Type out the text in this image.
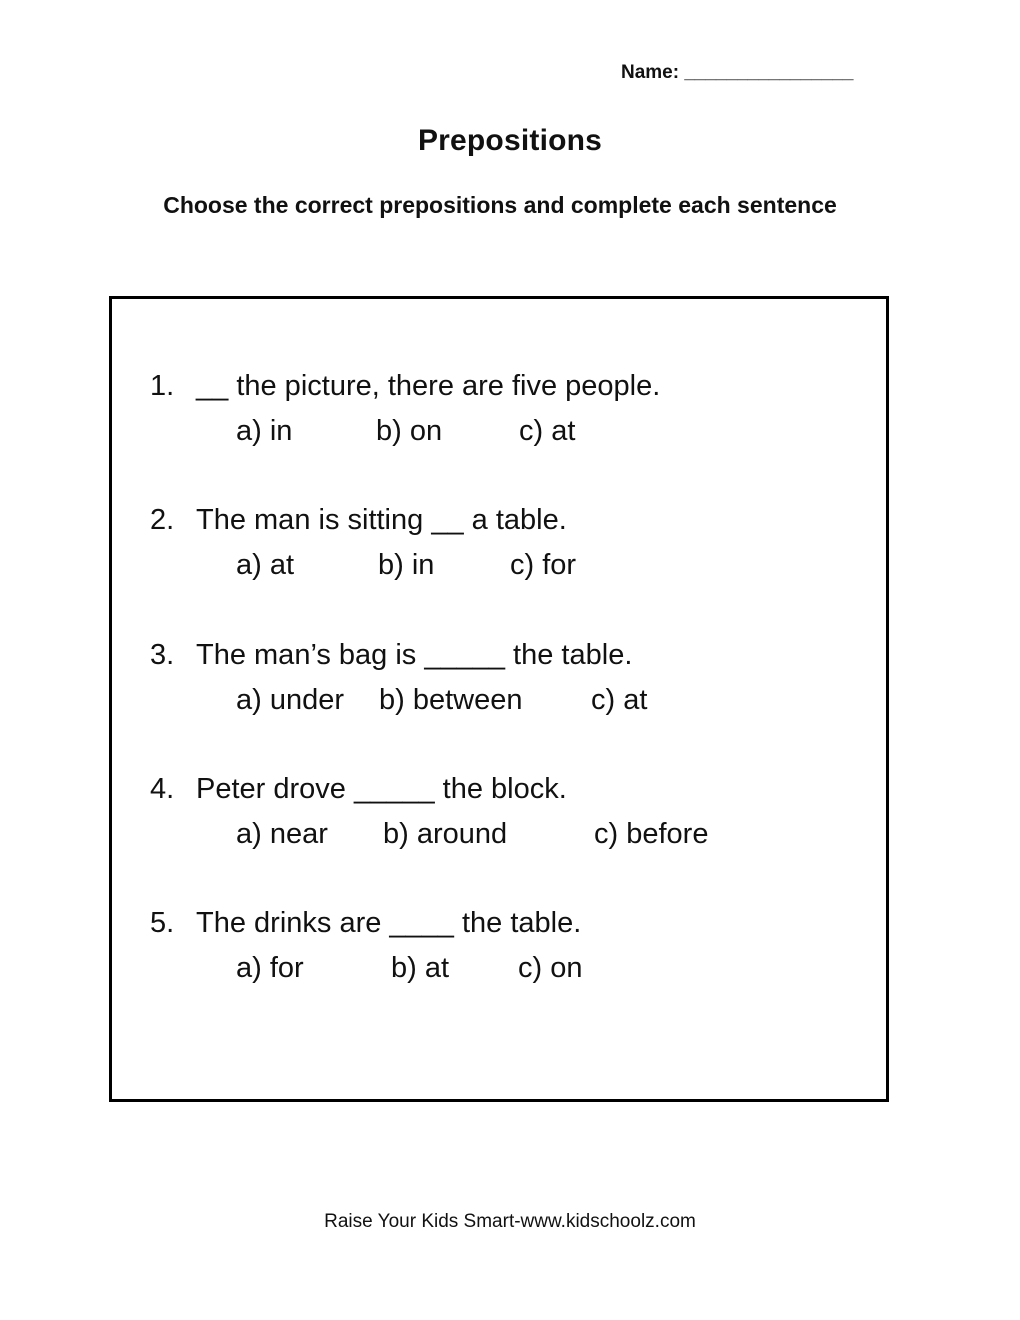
Name: ________________
Prepositions
Choose the correct prepositions and complete each sentence
1. __ the picture, there are five people.
a) in	b) on	c) at
2. The man is sitting __ a table.
a) at	b) in	c) for
3. The man’s bag is _____ the table.
a) under b) between c) at
4. Peter drove _____ the block.
a) near b) around	c) before
5. The drinks are ____ the table.
a) for	b) at c) on
Raise Your Kids Smart-www.kidschoolz.com
